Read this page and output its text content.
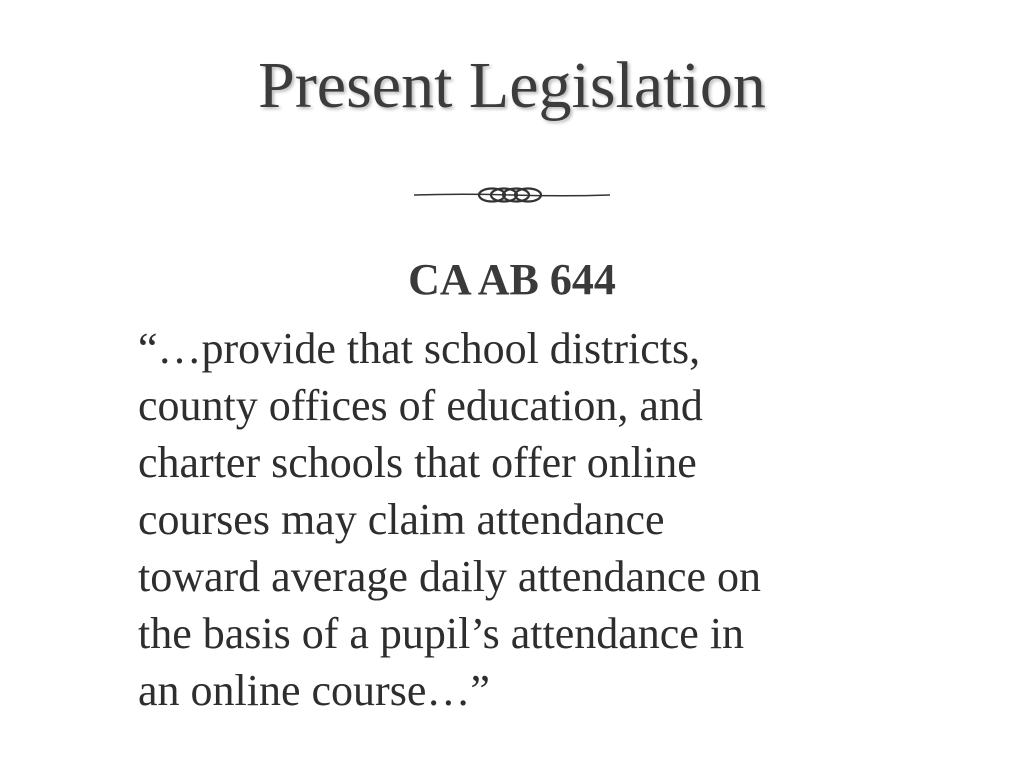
Present Legislation
CA AB 644

“…provide that school districts,
county offices of education, and
charter schools that offer online
courses may claim attendance
toward average daily attendance on
the basis of a pupil’s attendance in
an online course…”
